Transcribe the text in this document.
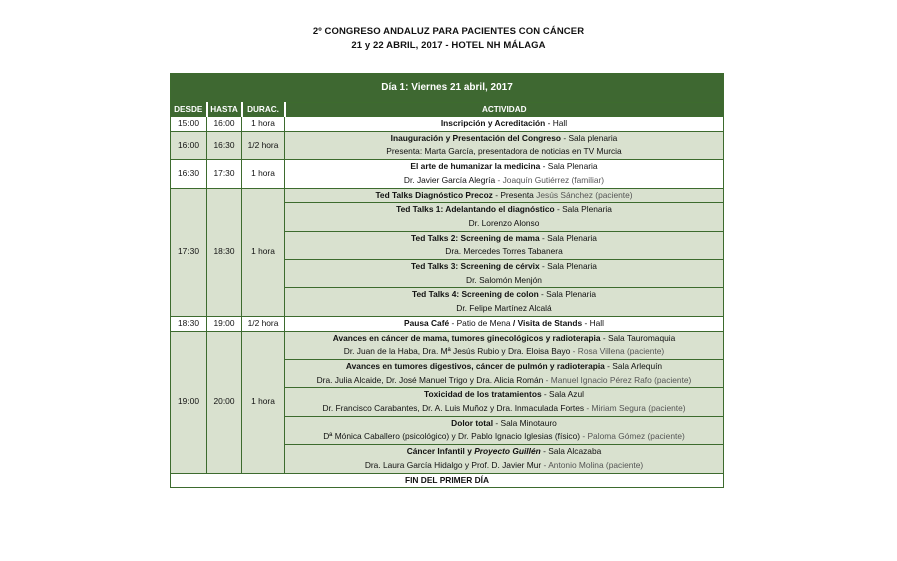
2º CONGRESO ANDALUZ PARA PACIENTES CON CÁNCER
21 y 22 ABRIL, 2017 - HOTEL NH MÁLAGA
Día 1: Viernes 21 abril, 2017			
DESDE	HASTA	DURAC.	ACTIVIDAD
15:00	16:00	1 hora	Inscripción y Acreditación - Hall
16:00	16:30	1/2 hora	Inauguración y Presentación del Congreso - Sala plenaria
			Presenta: Marta García, presentadora de noticias en TV Murcia
16:30	17:30	1 hora	El arte de humanizar la medicina - Sala Plenaria
			Dr. Javier García Alegría - Joaquín Gutiérrez (familiar)
17:30	18:30	1 hora	Ted Talks Diagnóstico Precoz - Presenta Jesús Sánchez (paciente)
			Ted Talks 1: Adelantando el diagnóstico - Sala Plenaria
			Dr. Lorenzo Alonso
			Ted Talks 2: Screening de mama - Sala Plenaria
			Dra. Mercedes Torres Tabanera
			Ted Talks 3: Screening de cérvix - Sala Plenaria
			Dr. Salomón Menjón
			Ted Talks 4: Screening de colon - Sala Plenaria
			Dr. Felipe Martínez Alcalá
18:30	19:00	1/2 hora	Pausa Café - Patio de Mena / Visita de Stands - Hall
19:00	20:00	1 hora	Avances en cáncer de mama, tumores ginecológicos y radioterapia - Sala Tauromaquia
			Dr. Juan de la Haba, Dra. Mª Jesús Rubio y Dra. Eloisa Bayo - Rosa Villena (paciente)
			Avances en tumores digestivos, cáncer de pulmón y radioterapia - Sala Arlequín
			Dra. Julia Alcaide, Dr. José Manuel Trigo y Dra. Alicia Román - Manuel Ignacio Pérez Rafo (paciente)
			Toxicidad de los tratamientos - Sala Azul
			Dr. Francisco Carabantes, Dr. A. Luis Muñoz y Dra. Inmaculada Fortes - Miriam Segura (paciente)
			Dolor total - Sala Minotauro
			Dª Mónica Caballero (psicológico) y Dr. Pablo Ignacio Iglesias (físico) - Paloma Gómez (paciente)
			Cáncer Infantil y Proyecto Guillén - Sala Alcazaba
			Dra. Laura García Hidalgo y Prof. D. Javier Mur - Antonio Molina (paciente)
FIN DEL PRIMER DÍA			
